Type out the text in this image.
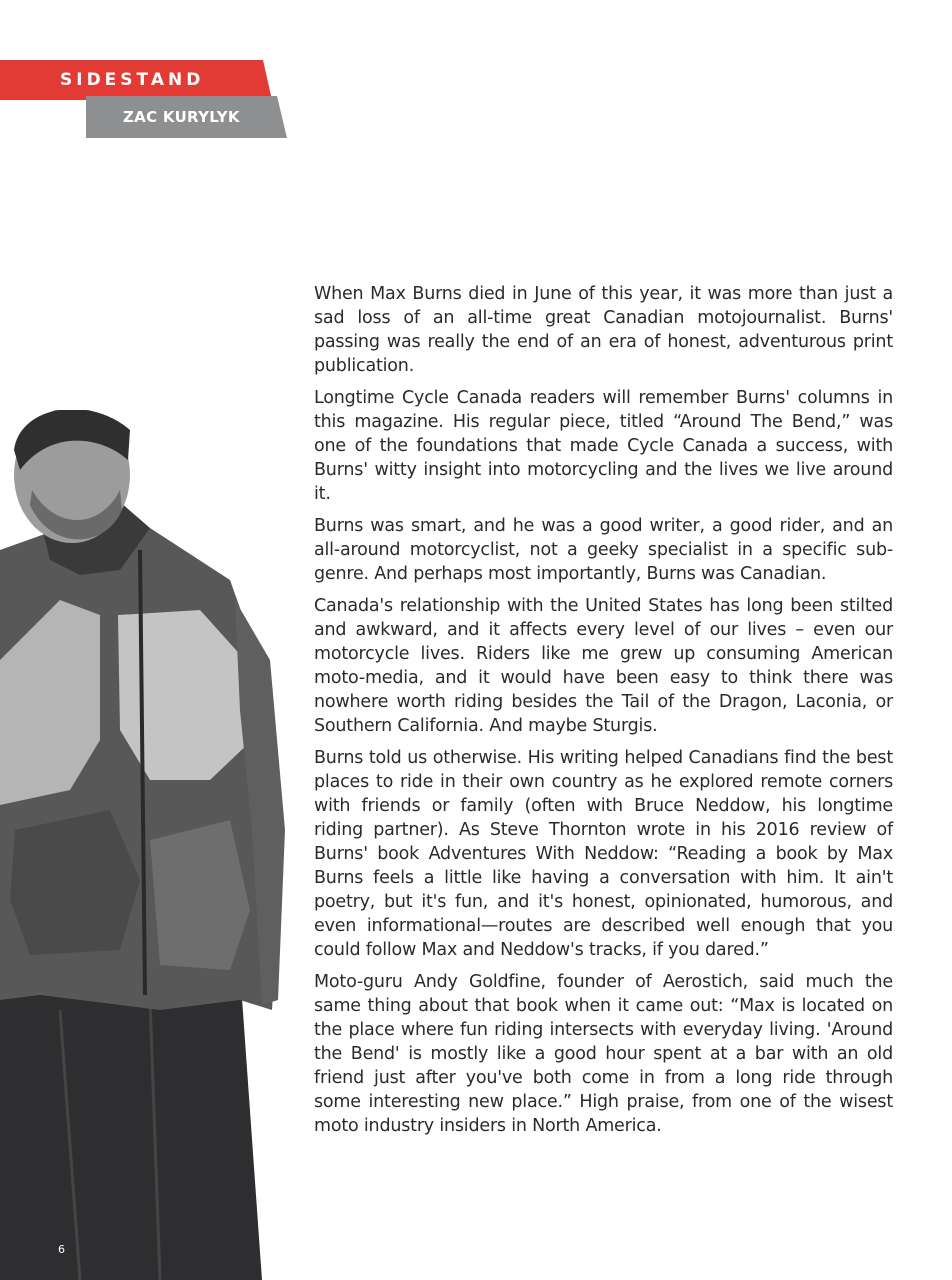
SIDESTAND
ZAC KURYLYK

When Max Burns died in June of this year, it was more than just a sad loss of an all-time great Canadian motojournalist. Burns' passing was really the end of an era of honest, adventurous print publication.

Longtime Cycle Canada readers will remember Burns' columns in this magazine. His regular piece, titled “Around The Bend,” was one of the foundations that made Cycle Canada a success, with Burns' witty insight into motorcycling and the lives we live around it.

Burns was smart, and he was a good writer, a good rider, and an all-around motorcyclist, not a geeky specialist in a specific sub-genre. And perhaps most importantly, Burns was Canadian.

Canada's relationship with the United States has long been stilted and awkward, and it affects every level of our lives – even our motorcycle lives. Riders like me grew up consuming American moto-media, and it would have been easy to think there was nowhere worth riding besides the Tail of the Dragon, Laconia, or Southern California. And maybe Sturgis.

Burns told us otherwise. His writing helped Canadians find the best places to ride in their own country as he explored remote corners with friends or family (often with Bruce Neddow, his longtime riding partner). As Steve Thornton wrote in his 2016 review of Burns' book Adventures With Neddow: “Reading a book by Max Burns feels a little like having a conversation with him. It ain't poetry, but it's fun, and it's honest, opinionated, humorous, and even informational—routes are described well enough that you could follow Max and Neddow's tracks, if you dared.”

Moto-guru Andy Goldfine, founder of Aerostich, said much the same thing about that book when it came out: “Max is located on the place where fun riding intersects with everyday living. 'Around the Bend' is mostly like a good hour spent at a bar with an old friend just after you've both come in from a long ride through some interesting new place.” High praise, from one of the wisest moto industry insiders in North America.

6
